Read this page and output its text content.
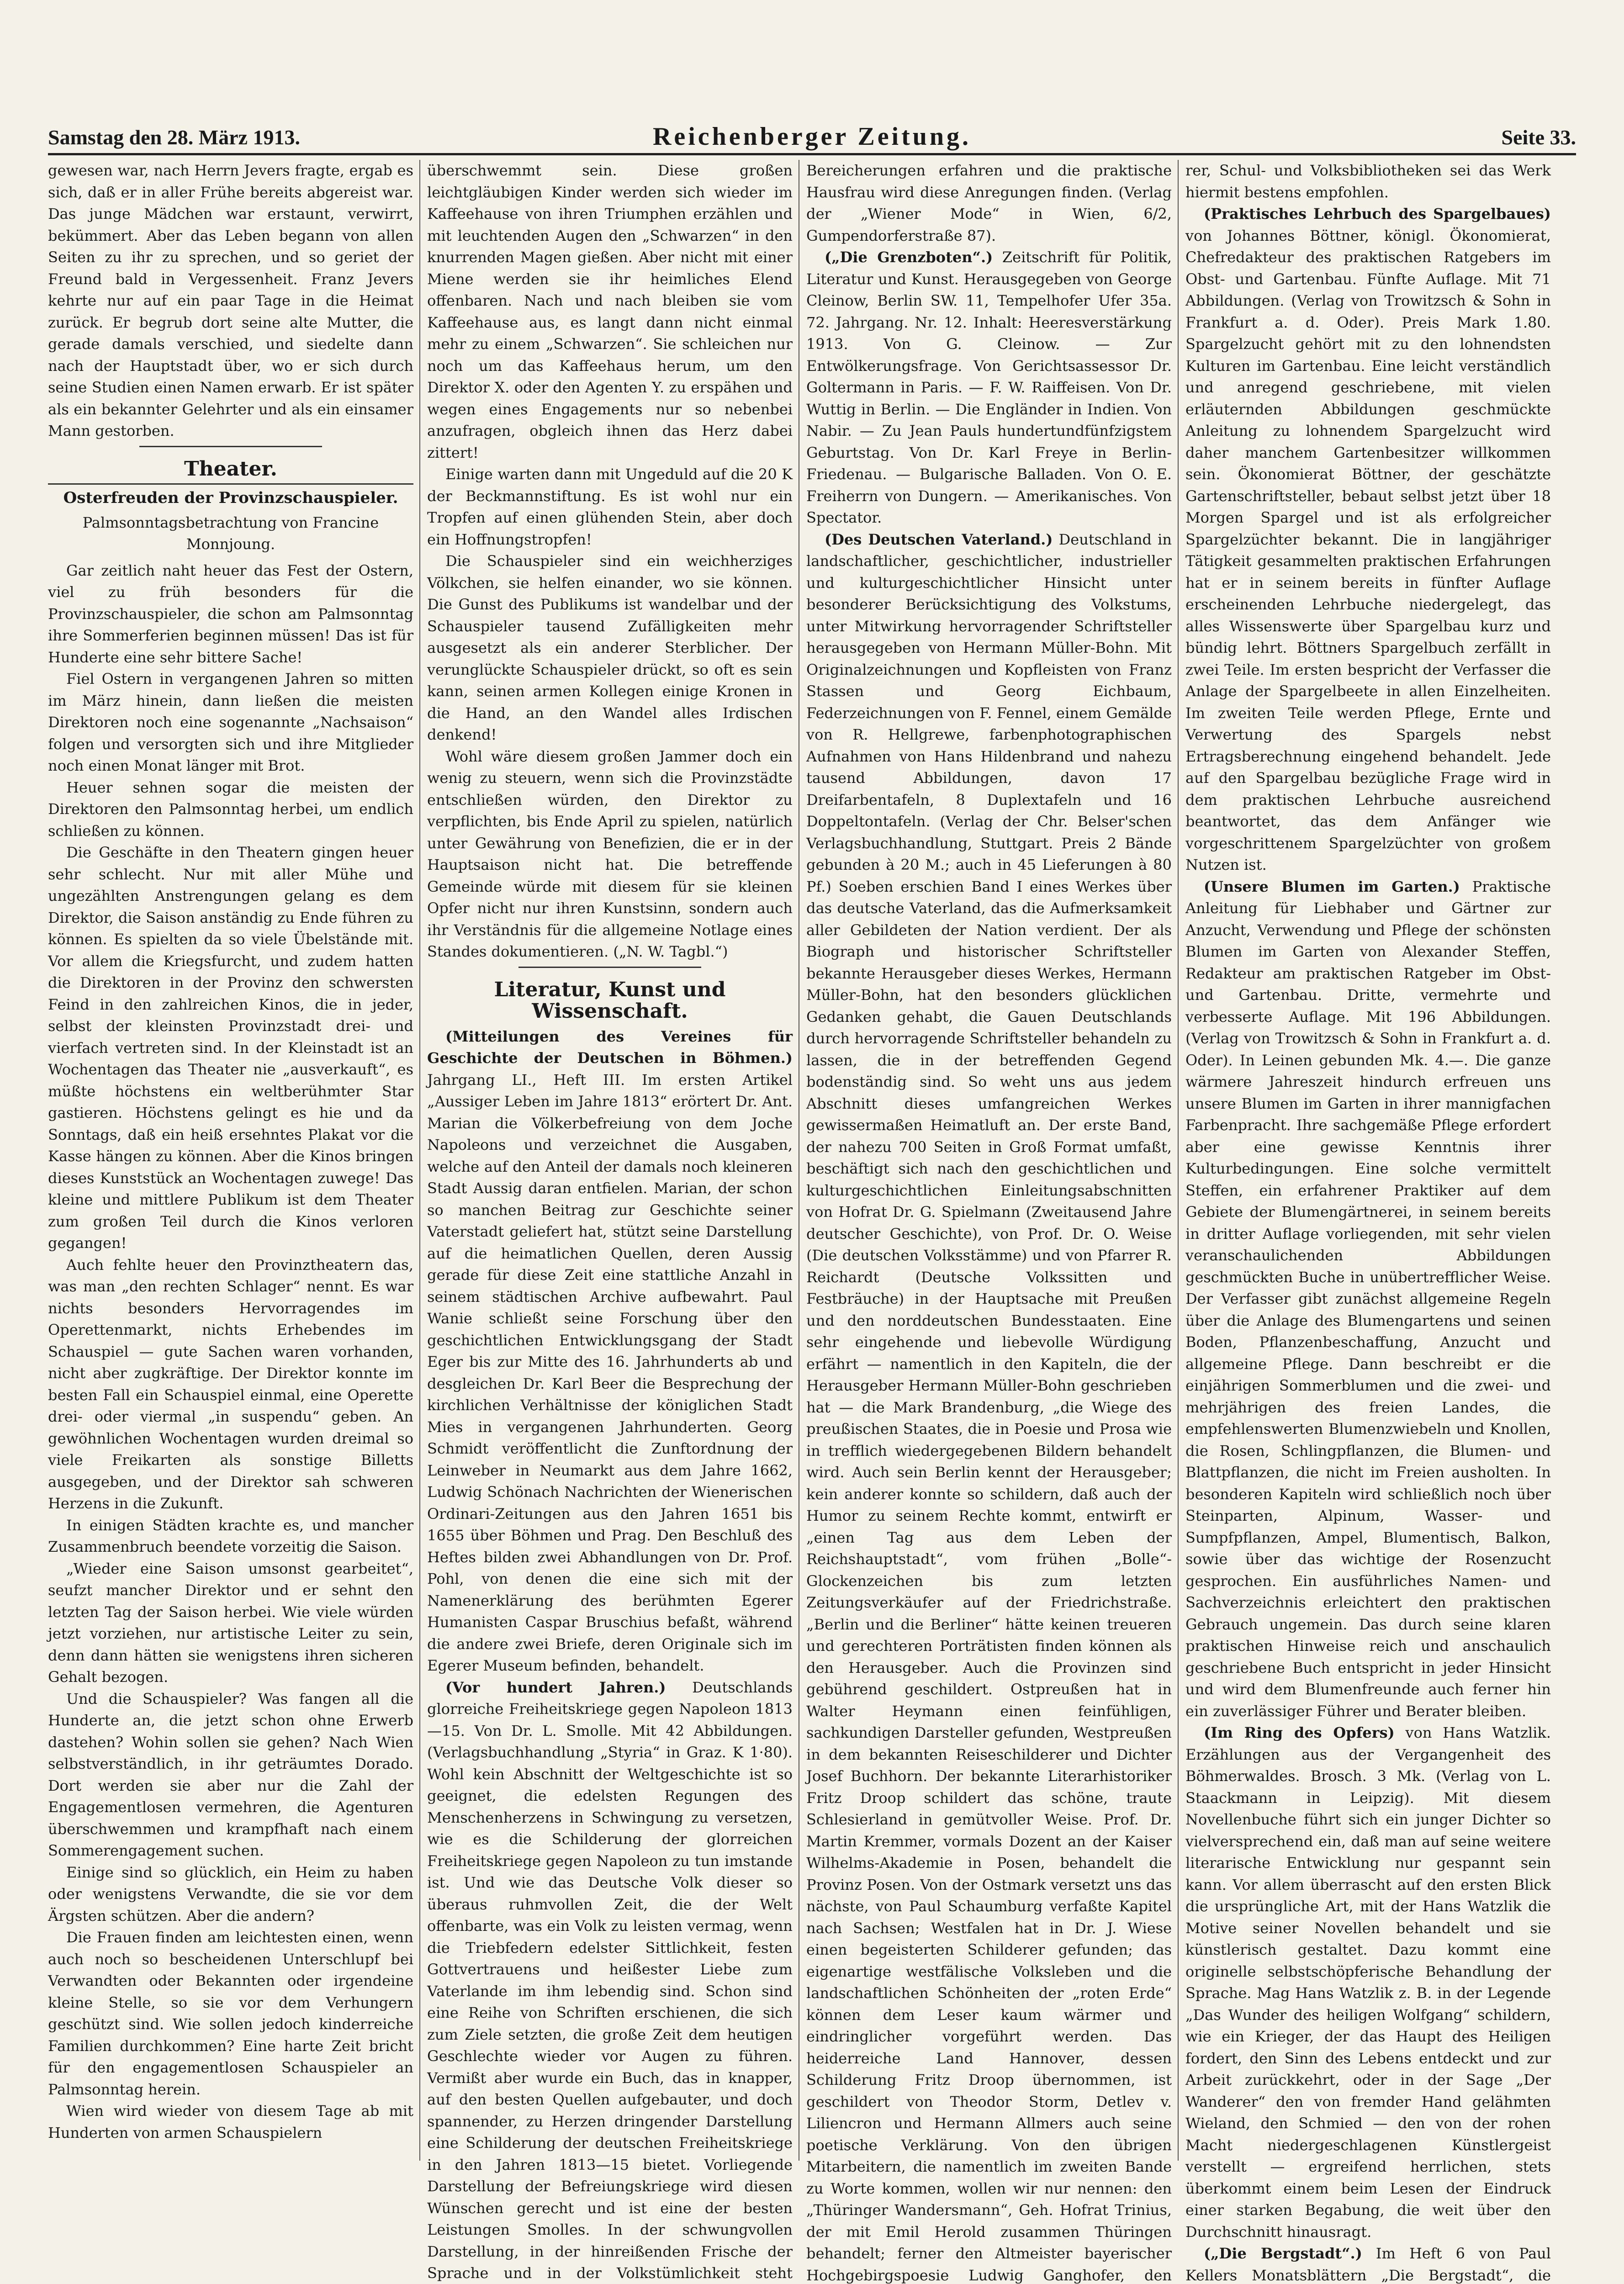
Samstag den 28. März 1913.	Reichenberger Zeitung.	Seite 33.

gewesen war, nach Herrn Jevers fragte, ergab es sich, daß er in aller Frühe bereits abgereist war. Das junge Mädchen war erstaunt, verwirrt, bekümmert. Aber das Leben begann von allen Seiten zu ihr zu sprechen, und so geriet der Freund bald in Vergessenheit. Franz Jevers kehrte nur auf ein paar Tage in die Heimat zurück. Er begrub dort seine alte Mutter, die gerade damals verschied, und siedelte dann nach der Hauptstadt über, wo er sich durch seine Studien einen Namen erwarb. Er ist später als ein bekannter Gelehrter und als ein einsamer Mann gestorben.

Theater.
Osterfreuden der Provinzschauspieler.
Palmsonntagsbetrachtung von Francine Monnjoung.

Gar zeitlich naht heuer das Fest der Ostern, viel zu früh besonders für die Provinzschauspieler, die schon am Palmsonntag ihre Sommerferien beginnen müssen! Das ist für Hunderte eine sehr bittere Sache!

Fiel Ostern in vergangenen Jahren so mitten im März hinein, dann ließen die meisten Direktoren noch eine sogenannte „Nachsaison“ folgen und versorgten sich und ihre Mitglieder noch einen Monat länger mit Brot.

Heuer sehnen sogar die meisten der Direktoren den Palmsonntag herbei, um endlich schließen zu können.

Die Geschäfte in den Theatern gingen heuer sehr schlecht. Nur mit aller Mühe und ungezählten Anstrengungen gelang es dem Direktor, die Saison anständig zu Ende führen zu können. Es spielten da so viele Übelstände mit. Vor allem die Kriegsfurcht, und zudem hatten die Direktoren in der Provinz den schwersten Feind in den zahlreichen Kinos, die in jeder, selbst der kleinsten Provinzstadt drei- und vierfach vertreten sind. In der Kleinstadt ist an Wochentagen das Theater nie „ausverkauft“, es müßte höchstens ein weltberühmter Star gastieren. Höchstens gelingt es hie und da Sonntags, daß ein heiß ersehntes Plakat vor die Kasse hängen zu können. Aber die Kinos bringen dieses Kunststück an Wochentagen zuwege! Das kleine und mittlere Publikum ist dem Theater zum großen Teil durch die Kinos verloren gegangen!

Auch fehlte heuer den Provinztheatern das, was man „den rechten Schlager“ nennt. Es war nichts besonders Hervorragendes im Operettenmarkt, nichts Erhebendes im Schauspiel — gute Sachen waren vorhanden, nicht aber zugkräftige. Der Direktor konnte im besten Fall ein Schauspiel einmal, eine Operette drei- oder viermal „in suspendu“ geben. An gewöhnlichen Wochentagen wurden dreimal so viele Freikarten als sonstige Billetts ausgegeben, und der Direktor sah schweren Herzens in die Zukunft.

In einigen Städten krachte es, und mancher Zusammenbruch beendete vorzeitig die Saison.

„Wieder eine Saison umsonst gearbeitet“, seufzt mancher Direktor und er sehnt den letzten Tag der Saison herbei. Wie viele würden jetzt vorziehen, nur artistische Leiter zu sein, denn dann hätten sie wenigstens ihren sicheren Gehalt bezogen.

Und die Schauspieler? Was fangen all die Hunderte an, die jetzt schon ohne Erwerb dastehen? Wohin sollen sie gehen? Nach Wien selbstverständlich, in ihr geträumtes Dorado. Dort werden sie aber nur die Zahl der Engagementlosen vermehren, die Agenturen überschwemmen und krampfhaft nach einem Sommerengagement suchen.

Einige sind so glücklich, ein Heim zu haben oder wenigstens Verwandte, die sie vor dem Ärgsten schützen. Aber die andern?

Die Frauen finden am leichtesten einen, wenn auch noch so bescheidenen Unterschlupf bei Verwandten oder Bekannten oder irgendeine kleine Stelle, so sie vor dem Verhungern geschützt sind. Wie sollen jedoch kinderreiche Familien durchkommen? Eine harte Zeit bricht für den engagementlosen Schauspieler an Palmsonntag herein.

Wien wird wieder von diesem Tage ab mit Hunderten von armen Schauspielern

überschwemmt sein. Diese großen leichtgläubigen Kinder werden sich wieder im Kaffeehause von ihren Triumphen erzählen und mit leuchtenden Augen den „Schwarzen“ in den knurrenden Magen gießen. Aber nicht mit einer Miene werden sie ihr heimliches Elend offenbaren. Nach und nach bleiben sie vom Kaffeehause aus, es langt dann nicht einmal mehr zu einem „Schwarzen“. Sie schleichen nur noch um das Kaffeehaus herum, um den Direktor X. oder den Agenten Y. zu erspähen und wegen eines Engagements nur so nebenbei anzufragen, obgleich ihnen das Herz dabei zittert!

Einige warten dann mit Ungeduld auf die 20 K der Beckmannstiftung. Es ist wohl nur ein Tropfen auf einen glühenden Stein, aber doch ein Hoffnungstropfen!

Die Schauspieler sind ein weichherziges Völkchen, sie helfen einander, wo sie können. Die Gunst des Publikums ist wandelbar und der Schauspieler tausend Zufälligkeiten mehr ausgesetzt als ein anderer Sterblicher. Der verunglückte Schauspieler drückt, so oft es sein kann, seinen armen Kollegen einige Kronen in die Hand, an den Wandel alles Irdischen denkend!

Wohl wäre diesem großen Jammer doch ein wenig zu steuern, wenn sich die Provinzstädte entschließen würden, den Direktor zu verpflichten, bis Ende April zu spielen, natürlich unter Gewährung von Benefizien, die er in der Hauptsaison nicht hat. Die betreffende Gemeinde würde mit diesem für sie kleinen Opfer nicht nur ihren Kunstsinn, sondern auch ihr Verständnis für die allgemeine Notlage eines Standes dokumentieren. („N. W. Tagbl.“)

Literatur, Kunst und Wissenschaft.

(Mitteilungen des Vereines für Geschichte der Deutschen in Böhmen.) Jahrgang LI., Heft III. Im ersten Artikel „Aussiger Leben im Jahre 1813“ erörtert Dr. Ant. Marian die Völkerbefreiung von dem Joche Napoleons und verzeichnet die Ausgaben, welche auf den Anteil der damals noch kleineren Stadt Aussig daran entfielen. Marian, der schon so manchen Beitrag zur Geschichte seiner Vaterstadt geliefert hat, stützt seine Darstellung auf die heimatlichen Quellen, deren Aussig gerade für diese Zeit eine stattliche Anzahl in seinem städtischen Archive aufbewahrt. Paul Wanie schließt seine Forschung über den geschichtlichen Entwicklungsgang der Stadt Eger bis zur Mitte des 16. Jahrhunderts ab und desgleichen Dr. Karl Beer die Besprechung der kirchlichen Verhältnisse der königlichen Stadt Mies in vergangenen Jahrhunderten. Georg Schmidt veröffentlicht die Zunftordnung der Leinweber in Neumarkt aus dem Jahre 1662, Ludwig Schönach Nachrichten der Wienerischen Ordinari-Zeitungen aus den Jahren 1651 bis 1655 über Böhmen und Prag. Den Beschluß des Heftes bilden zwei Abhandlungen von Dr. Prof. Pohl, von denen die eine sich mit der Namenerklärung des berühmten Egerer Humanisten Caspar Bruschius befaßt, während die andere zwei Briefe, deren Originale sich im Egerer Museum befinden, behandelt.

(Vor hundert Jahren.) Deutschlands glorreiche Freiheitskriege gegen Napoleon 1813—15. Von Dr. L. Smolle. Mit 42 Abbildungen. (Verlagsbuchhandlung „Styria“ in Graz. K 1·80). Wohl kein Abschnitt der Weltgeschichte ist so geeignet, die edelsten Regungen des Menschenherzens in Schwingung zu versetzen, wie es die Schilderung der glorreichen Freiheitskriege gegen Napoleon zu tun imstande ist. Und wie das Deutsche Volk dieser so überaus ruhmvollen Zeit, die der Welt offenbarte, was ein Volk zu leisten vermag, wenn die Triebfedern edelster Sittlichkeit, festen Gottvertrauens und heißester Liebe zum Vaterlande im ihm lebendig sind. Schon sind eine Reihe von Schriften erschienen, die sich zum Ziele setzten, die große Zeit dem heutigen Geschlechte wieder vor Augen zu führen. Vermißt aber wurde ein Buch, das in knapper, auf den besten Quellen aufgebauter, und doch spannender, zu Herzen dringender Darstellung eine Schilderung der deutschen Freiheitskriege in den Jahren 1813—15 bietet. Vorliegende Darstellung der Befreiungskriege wird diesen Wünschen gerecht und ist eine der besten Leistungen Smolles. In der schwungvollen Darstellung, in der hinreißenden Frische der Sprache und in der Volkstümlichkeit steht

Bereicherungen erfahren und die praktische Hausfrau wird diese Anregungen finden. (Verlag der „Wiener Mode“ in Wien, 6/2, Gumpendorferstraße 87).

(„Die Grenzboten“.) Zeitschrift für Politik, Literatur und Kunst. Herausgegeben von George Cleinow, Berlin SW. 11, Tempelhofer Ufer 35a. 72. Jahrgang. Nr. 12. Inhalt: Heeresverstärkung 1913. Von G. Cleinow. — Zur Entwölkerungsfrage. Von Gerichtsassessor Dr. Goltermann in Paris. — F. W. Raiffeisen. Von Dr. Wuttig in Berlin. — Die Engländer in Indien. Von Nabir. — Zu Jean Pauls hundertundfünfzigstem Geburtstag. Von Dr. Karl Freye in Berlin-Friedenau. — Bulgarische Balladen. Von O. E. Freiherrn von Dungern. — Amerikanisches. Von Spectator.

(Des Deutschen Vaterland.) Deutschland in landschaftlicher, geschichtlicher, industrieller und kulturgeschichtlicher Hinsicht unter besonderer Berücksichtigung des Volkstums, unter Mitwirkung hervorragender Schriftsteller herausgegeben von Hermann Müller-Bohn. Mit Originalzeichnungen und Kopfleisten von Franz Stassen und Georg Eichbaum, Federzeichnungen von F. Fennel, einem Gemälde von R. Hellgrewe, farbenphotographischen Aufnahmen von Hans Hildenbrand und nahezu tausend Abbildungen, davon 17 Dreifarbentafeln, 8 Duplextafeln und 16 Doppeltontafeln. (Verlag der Chr. Belser'schen Verlagsbuchhandlung, Stuttgart. Preis 2 Bände gebunden à 20 M.; auch in 45 Lieferungen à 80 Pf.) Soeben erschien Band I eines Werkes über das deutsche Vaterland, das die Aufmerksamkeit aller Gebildeten der Nation verdient. Der als Biograph und historischer Schriftsteller bekannte Herausgeber dieses Werkes, Hermann Müller-Bohn, hat den besonders glücklichen Gedanken gehabt, die Gauen Deutschlands durch hervorragende Schriftsteller behandeln zu lassen, die in der betreffenden Gegend bodenständig sind. So weht uns aus jedem Abschnitt dieses umfangreichen Werkes gewissermaßen Heimatluft an. Der erste Band, der nahezu 700 Seiten in Groß Format umfaßt, beschäftigt sich nach den geschichtlichen und kulturgeschichtlichen Einleitungsabschnitten von Hofrat Dr. G. Spielmann (Zweitausend Jahre deutscher Geschichte), von Prof. Dr. O. Weise (Die deutschen Volksstämme) und von Pfarrer R. Reichardt (Deutsche Volkssitten und Festbräuche) in der Hauptsache mit Preußen und den norddeutschen Bundesstaaten. Eine sehr eingehende und liebevolle Würdigung erfährt — namentlich in den Kapiteln, die der Herausgeber Hermann Müller-Bohn geschrieben hat — die Mark Brandenburg, „die Wiege des preußischen Staates, die in Poesie und Prosa wie in trefflich wiedergegebenen Bildern behandelt wird. Auch sein Berlin kennt der Herausgeber; kein anderer konnte so schildern, daß auch der Humor zu seinem Rechte kommt, entwirft er „einen Tag aus dem Leben der Reichshauptstadt“, vom frühen „Bolle“-Glockenzeichen bis zum letzten Zeitungsverkäufer auf der Friedrichstraße. „Berlin und die Berliner“ hätte keinen treueren und gerechteren Porträtisten finden können als den Herausgeber. Auch die Provinzen sind gebührend geschildert. Ostpreußen hat in Walter Heymann einen feinfühligen, sachkundigen Darsteller gefunden, Westpreußen in dem bekannten Reiseschilderer und Dichter Josef Buchhorn. Der bekannte Literarhistoriker Fritz Droop schildert das schöne, traute Schlesierland in gemütvoller Weise. Prof. Dr. Martin Kremmer, vormals Dozent an der Kaiser Wilhelms-Akademie in Posen, behandelt die Provinz Posen. Von der Ostmark versetzt uns das nächste, von Paul Schaumburg verfaßte Kapitel nach Sachsen; Westfalen hat in Dr. J. Wiese einen begeisterten Schilderer gefunden; das eigenartige westfälische Volksleben und die landschaftlichen Schönheiten der „roten Erde“ können dem Leser kaum wärmer und eindringlicher vorgeführt werden. Das heiderreiche Land Hannover, dessen Schilderung Fritz Droop übernommen, ist geschildert von Theodor Storm, Detlev v. Liliencron und Hermann Allmers auch seine poetische Verklärung. Von den übrigen Mitarbeitern, die namentlich im zweiten Bande zu Worte kommen, wollen wir nur nennen: den „Thüringer Wandersmann“, Geh. Hofrat Trinius, der mit Emil Herold zusammen Thüringen behandelt; ferner den Altmeister bayerischer Hochgebirgspoesie Ludwig Ganghofer, den

rer, Schul- und Volksbibliotheken sei das Werk hiermit bestens empfohlen.

(Praktisches Lehrbuch des Spargelbaues) von Johannes Böttner, königl. Ökonomierat, Chefredakteur des praktischen Ratgebers im Obst- und Gartenbau. Fünfte Auflage. Mit 71 Abbildungen. (Verlag von Trowitzsch & Sohn in Frankfurt a. d. Oder). Preis Mark 1.80. Spargelzucht gehört mit zu den lohnendsten Kulturen im Gartenbau. Eine leicht verständlich und anregend geschriebene, mit vielen erläuternden Abbildungen geschmückte Anleitung zu lohnendem Spargelzucht wird daher manchem Gartenbesitzer willkommen sein. Ökonomierat Böttner, der geschätzte Gartenschriftsteller, bebaut selbst jetzt über 18 Morgen Spargel und ist als erfolgreicher Spargelzüchter bekannt. Die in langjähriger Tätigkeit gesammelten praktischen Erfahrungen hat er in seinem bereits in fünfter Auflage erscheinenden Lehrbuche niedergelegt, das alles Wissenswerte über Spargelbau kurz und bündig lehrt. Böttners Spargelbuch zerfällt in zwei Teile. Im ersten bespricht der Verfasser die Anlage der Spargelbeete in allen Einzelheiten. Im zweiten Teile werden Pflege, Ernte und Verwertung des Spargels nebst Ertragsberechnung eingehend behandelt. Jede auf den Spargelbau bezügliche Frage wird in dem praktischen Lehrbuche ausreichend beantwortet, das dem Anfänger wie vorgeschrittenem Spargelzüchter von großem Nutzen ist.

(Unsere Blumen im Garten.) Praktische Anleitung für Liebhaber und Gärtner zur Anzucht, Verwendung und Pflege der schönsten Blumen im Garten von Alexander Steffen, Redakteur am praktischen Ratgeber im Obst- und Gartenbau. Dritte, vermehrte und verbesserte Auflage. Mit 196 Abbildungen. (Verlag von Trowitzsch & Sohn in Frankfurt a. d. Oder). In Leinen gebunden Mk. 4.—. Die ganze wärmere Jahreszeit hindurch erfreuen uns unsere Blumen im Garten in ihrer mannigfachen Farbenpracht. Ihre sachgemäße Pflege erfordert aber eine gewisse Kenntnis ihrer Kulturbedingungen. Eine solche vermittelt Steffen, ein erfahrener Praktiker auf dem Gebiete der Blumengärtnerei, in seinem bereits in dritter Auflage vorliegenden, mit sehr vielen veranschaulichenden Abbildungen geschmückten Buche in unübertrefflicher Weise. Der Verfasser gibt zunächst allgemeine Regeln über die Anlage des Blumengartens und seinen Boden, Pflanzenbeschaffung, Anzucht und allgemeine Pflege. Dann beschreibt er die einjährigen Sommerblumen und die zwei- und mehrjährigen des freien Landes, die empfehlenswerten Blumenzwiebeln und Knollen, die Rosen, Schlingpflanzen, die Blumen- und Blattpflanzen, die nicht im Freien ausholten. In besonderen Kapiteln wird schließlich noch über Steinparten, Alpinum, Wasser- und Sumpfpflanzen, Ampel, Blumentisch, Balkon, sowie über das wichtige der Rosenzucht gesprochen. Ein ausführliches Namen- und Sachverzeichnis erleichtert den praktischen Gebrauch ungemein. Das durch seine klaren praktischen Hinweise reich und anschaulich geschriebene Buch entspricht in jeder Hinsicht und wird dem Blumenfreunde auch ferner hin ein zuverlässiger Führer und Berater bleiben.

(Im Ring des Opfers) von Hans Watzlik. Erzählungen aus der Vergangenheit des Böhmerwaldes. Brosch. 3 Mk. (Verlag von L. Staackmann in Leipzig). Mit diesem Novellenbuche führt sich ein junger Dichter so vielversprechend ein, daß man auf seine weitere literarische Entwicklung nur gespannt sein kann. Vor allem überrascht auf den ersten Blick die ursprüngliche Art, mit der Hans Watzlik die Motive seiner Novellen behandelt und sie künstlerisch gestaltet. Dazu kommt eine originelle selbstschöpferische Behandlung der Sprache. Mag Hans Watzlik z. B. in der Legende „Das Wunder des heiligen Wolfgang“ schildern, wie ein Krieger, der das Haupt des Heiligen fordert, den Sinn des Lebens entdeckt und zur Arbeit zurückkehrt, oder in der Sage „Der Wanderer“ den von fremder Hand gelähmten Wieland, den Schmied — den von der rohen Macht niedergeschlagenen Künstlergeist verstellt — ergreifend herrlichen, stets überkommt einem beim Lesen der Eindruck einer starken Begabung, die weit über den Durchschnitt hinausragt.

(„Die Bergstadt“.) Im Heft 6 von Paul Kellers Monatsblättern „Die Bergstadt“, die
